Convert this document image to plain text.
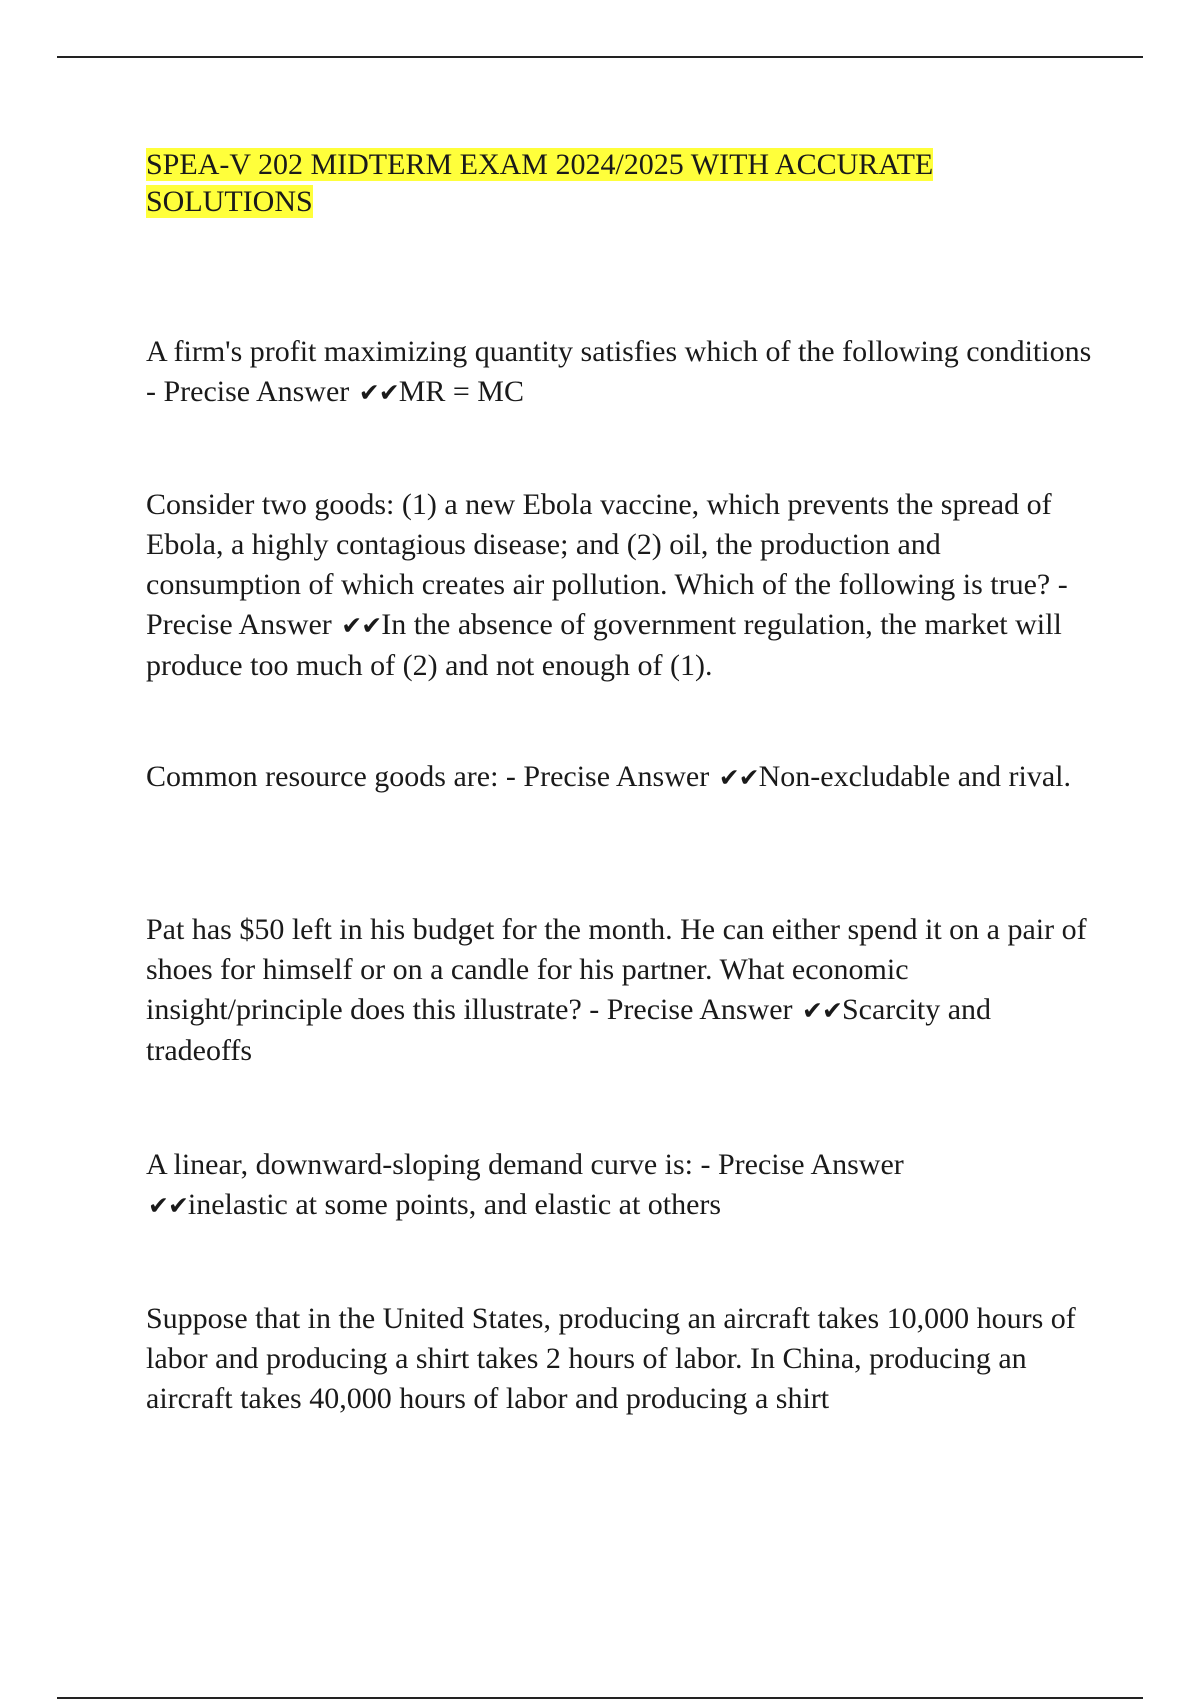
SPEA-V 202 MIDTERM EXAM 2024/2025 WITH ACCURATE SOLUTIONS

A firm's profit maximizing quantity satisfies which of the following conditions - Precise Answer ✔✔MR = MC

Consider two goods: (1) a new Ebola vaccine, which prevents the spread of Ebola, a highly contagious disease; and (2) oil, the production and consumption of which creates air pollution. Which of the following is true? - Precise Answer ✔✔In the absence of government regulation, the market will produce too much of (2) and not enough of (1).

Common resource goods are: - Precise Answer ✔✔Non-excludable and rival.

Pat has $50 left in his budget for the month. He can either spend it on a pair of shoes for himself or on a candle for his partner. What economic insight/principle does this illustrate? - Precise Answer ✔✔Scarcity and tradeoffs

A linear, downward-sloping demand curve is: - Precise Answer
✔✔inelastic at some points, and elastic at others

Suppose that in the United States, producing an aircraft takes 10,000 hours of labor and producing a shirt takes 2 hours of labor. In China, producing an aircraft takes 40,000 hours of labor and producing a shirt
